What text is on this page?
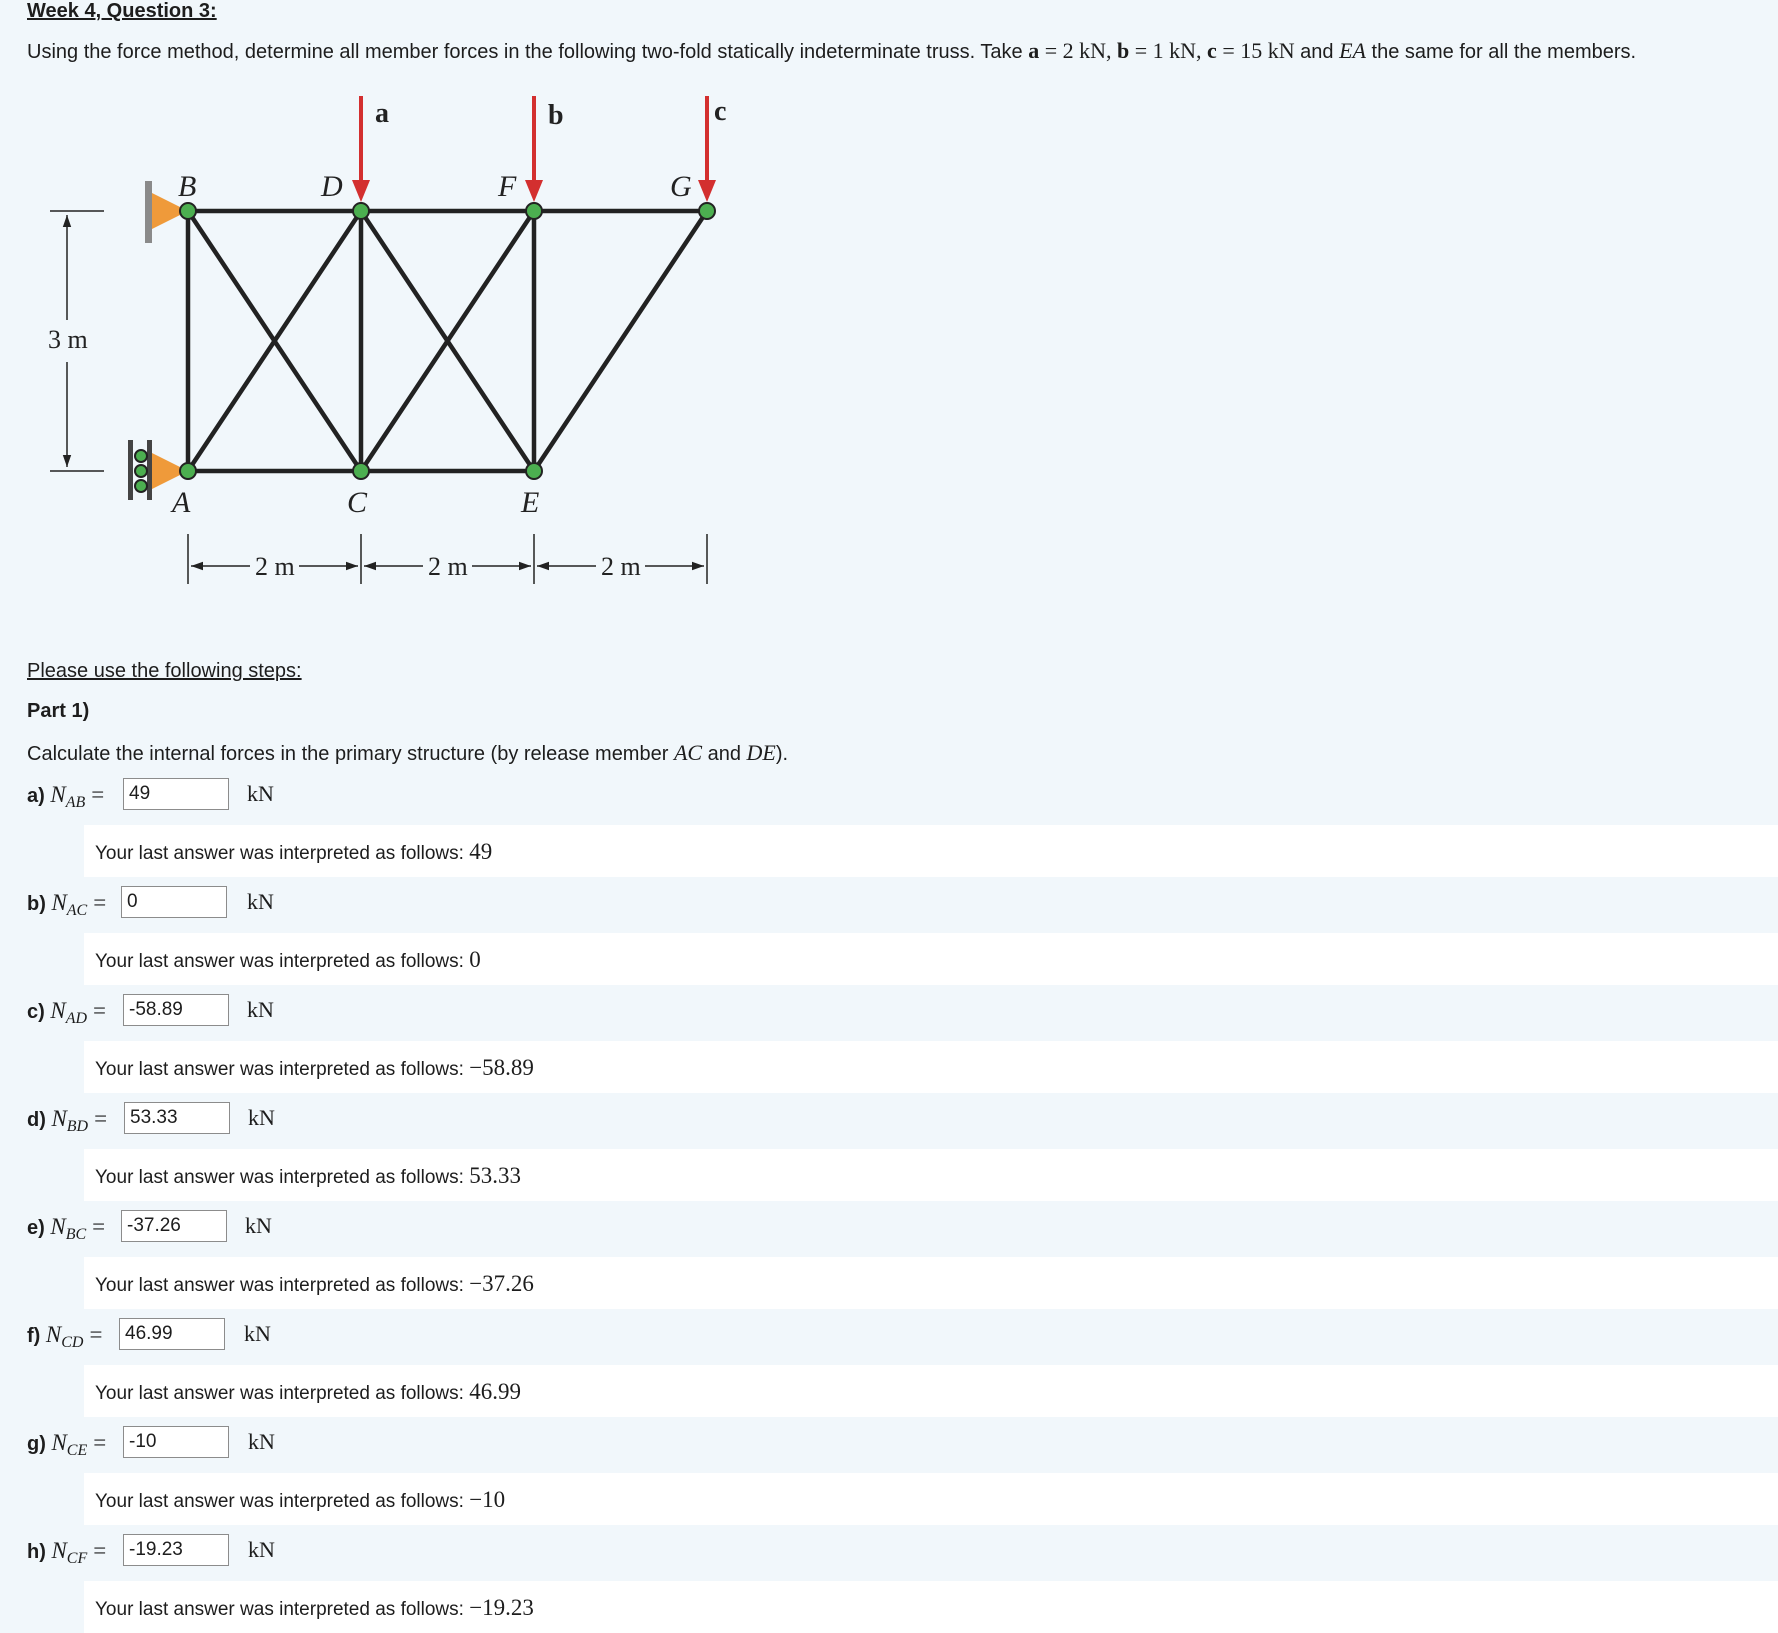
Week 4, Question 3:
Using the force method, determine all member forces in the following two-fold statically indeterminate truss. Take a = 2 kN, b = 1 kN, c = 15 kN and EA the same for all the members.
A
B
C
D
E
F	G
a	b	c
3 m
2 m	2 m	2 m
Please use the following steps:
Part 1)
Calculate the internal forces in the primary structure (by release member AC and DE).
a) $N_{AB}$ =
49	kN
Your last answer was interpreted as follows: 49
b) $N_{AC}$ =
0	kN
Your last answer was interpreted as follows: 0
c) $N_{AD}$ =
-58.89	kN
Your last answer was interpreted as follows: −58.89
d) $N_{BD}$ =
53.33	kN
Your last answer was interpreted as follows: 53.33
e) $N_{BC}$ =
-37.26	kN
Your last answer was interpreted as follows: −37.26
f) $N_{CD}$ =
46.99	kN
Your last answer was interpreted as follows: 46.99
g) $N_{CE}$ =
-10	kN
Your last answer was interpreted as follows: −10
h) $N_{CF}$ =
-19.23	kN
Your last answer was interpreted as follows: −19.23
